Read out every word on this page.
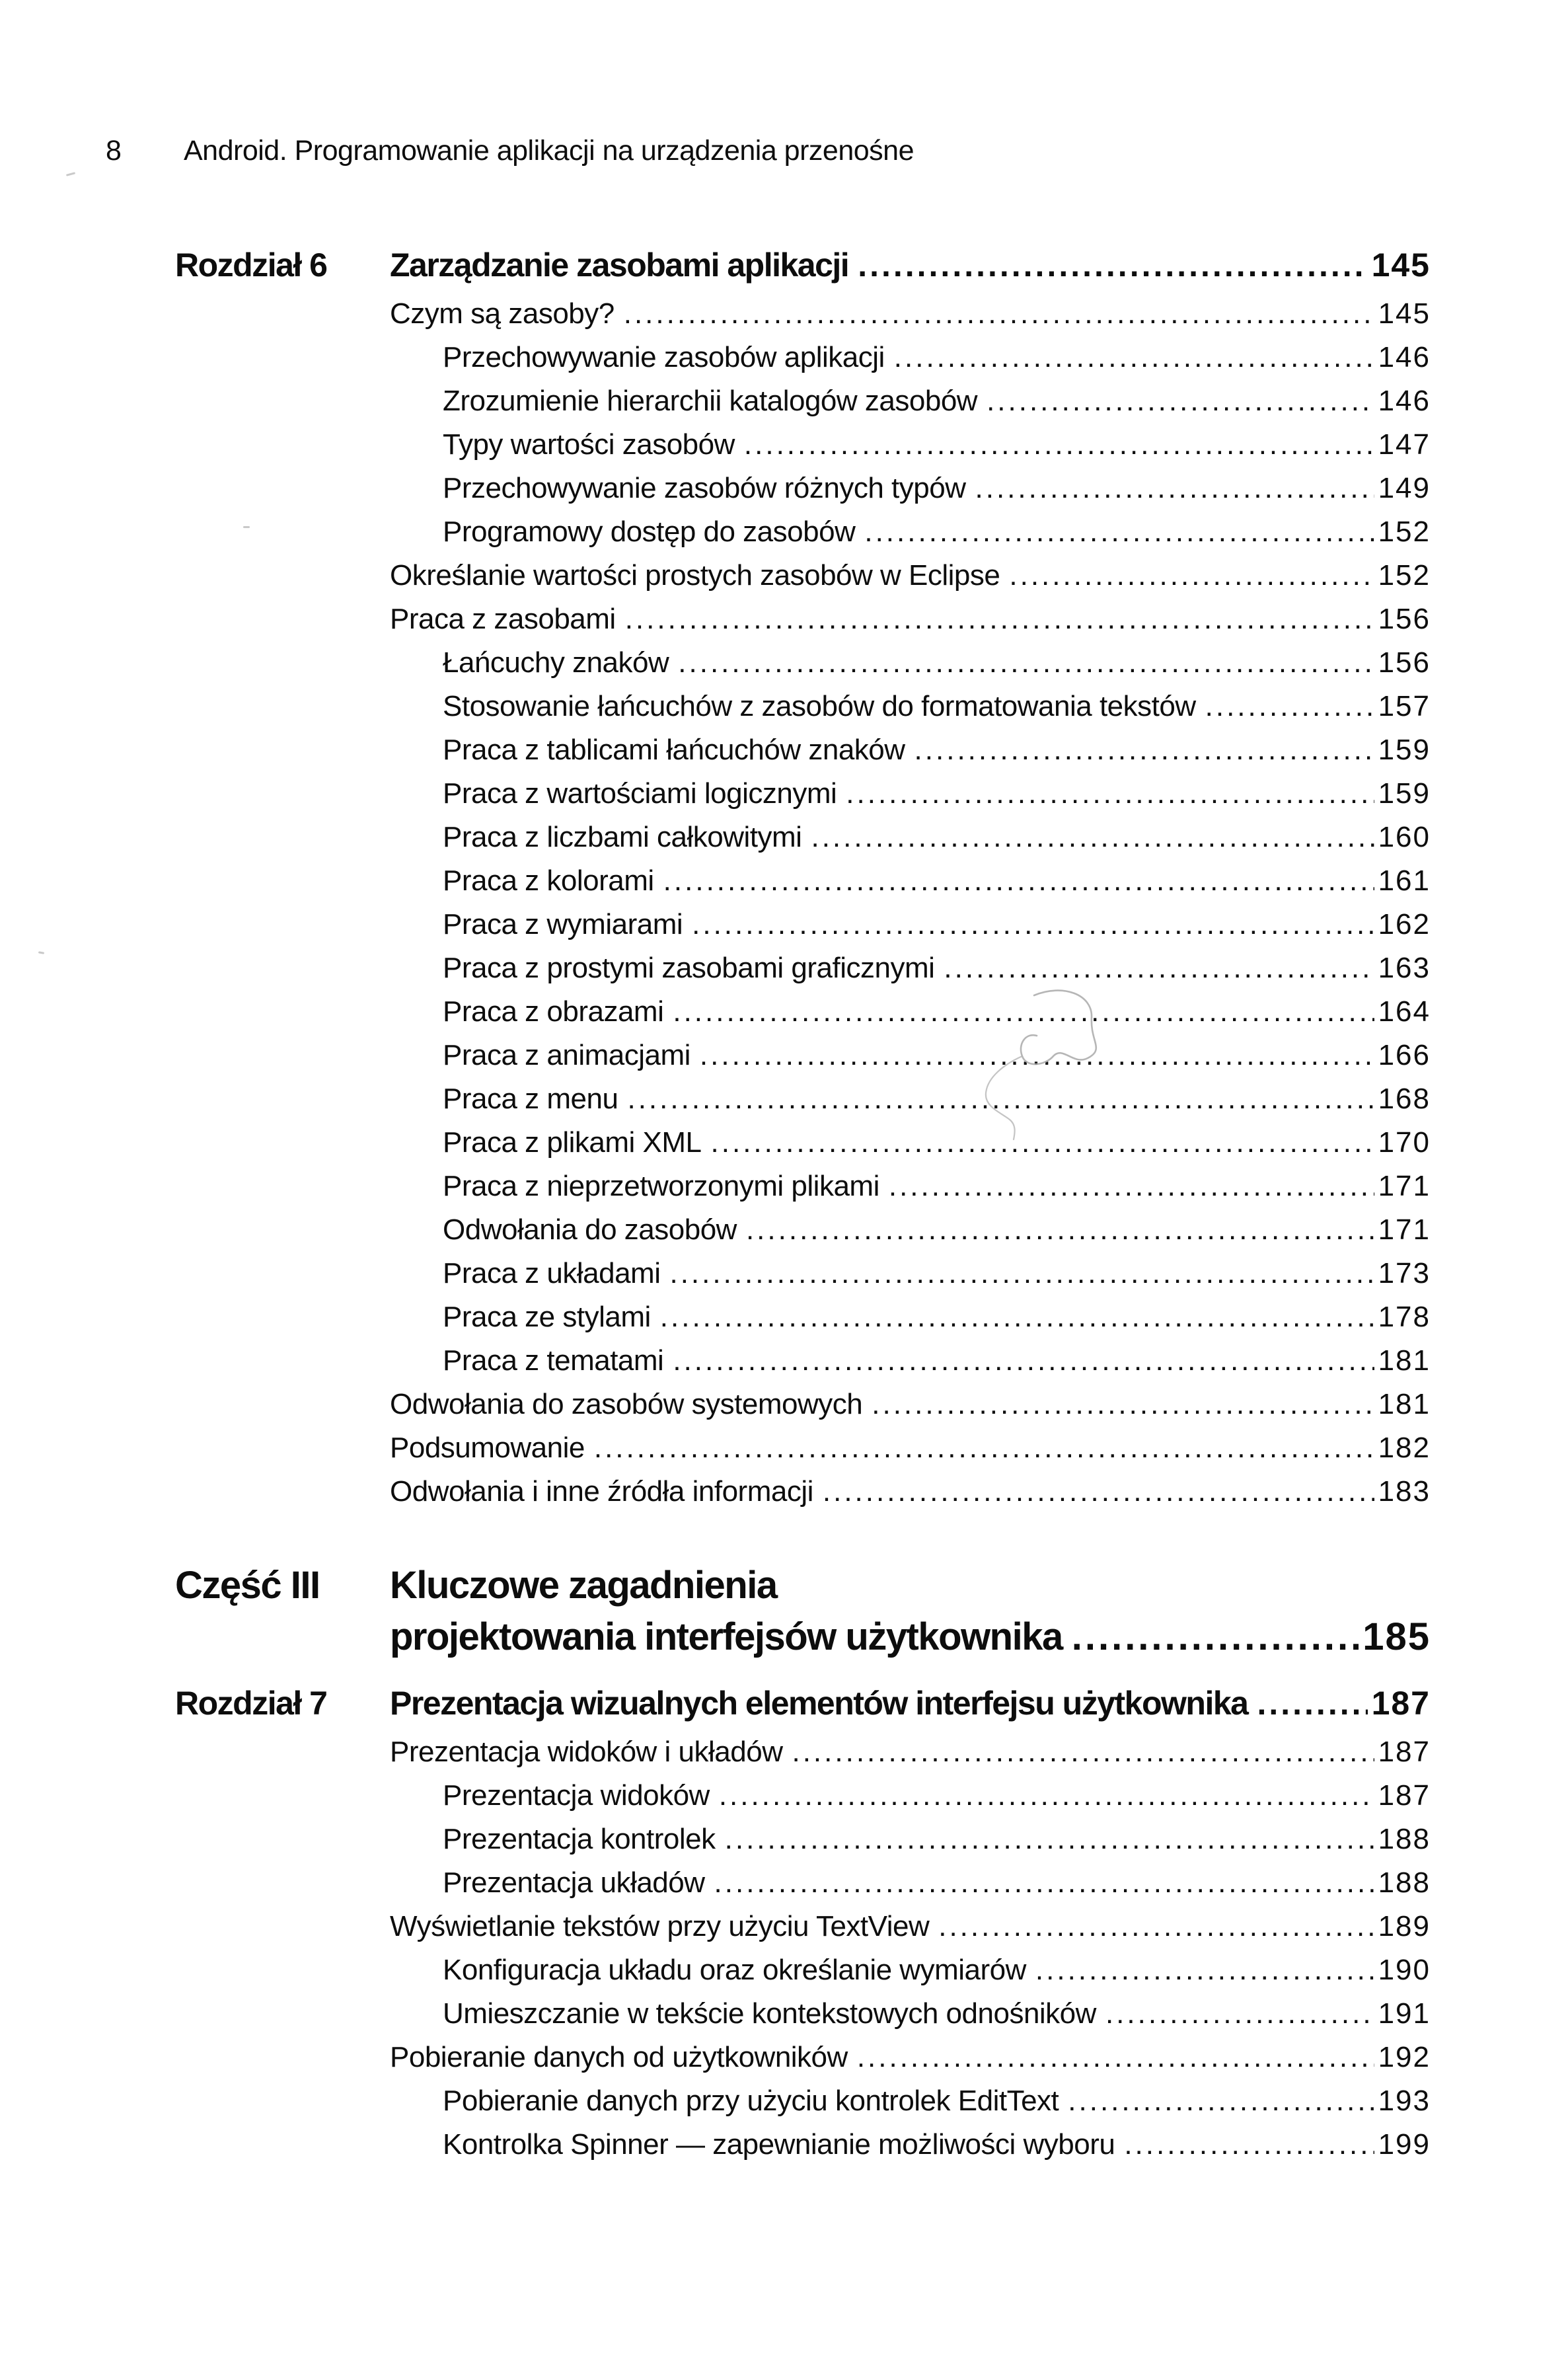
8	Android. Programowanie aplikacji na urządzenia przenośne
Rozdział 6	Zarządzanie zasobami aplikacji .....	145
Czym są zasoby? .....	145
Przechowywanie zasobów aplikacji .....	146
Zrozumienie hierarchii katalogów zasobów .....	146
Typy wartości zasobów .....	147
Przechowywanie zasobów różnych typów .....	149
Programowy dostęp do zasobów .....	152
Określanie wartości prostych zasobów w Eclipse .....	152
Praca z zasobami .....	156
Łańcuchy znaków .....	156
Stosowanie łańcuchów z zasobów do formatowania tekstów .....	157
Praca z tablicami łańcuchów znaków .....	159
Praca z wartościami logicznymi .....	159
Praca z liczbami całkowitymi .....	160
Praca z kolorami .....	161
Praca z wymiarami .....	162
Praca z prostymi zasobami graficznymi .....	163
Praca z obrazami .....	164
Praca z animacjami .....	166
Praca z menu .....	168
Praca z plikami XML .....	170
Praca z nieprzetworzonymi plikami .....	171
Odwołania do zasobów .....	171
Praca z układami .....	173
Praca ze stylami .....	178
Praca z tematami .....	181
Odwołania do zasobów systemowych .....	181
Podsumowanie .....	182
Odwołania i inne źródła informacji .....	183
Część III	Kluczowe zagadnienia
projektowania interfejsów użytkownika .....	185
Rozdział 7	Prezentacja wizualnych elementów interfejsu użytkownika .....	187
Prezentacja widoków i układów .....	187
Prezentacja widoków .....	187
Prezentacja kontrolek .....	188
Prezentacja układów .....	188
Wyświetlanie tekstów przy użyciu TextView .....	189
Konfiguracja układu oraz określanie wymiarów .....	190
Umieszczanie w tekście kontekstowych odnośników .....	191
Pobieranie danych od użytkowników .....	192
Pobieranie danych przy użyciu kontrolek EditText .....	193
Kontrolka Spinner — zapewnianie możliwości wyboru .....	199
